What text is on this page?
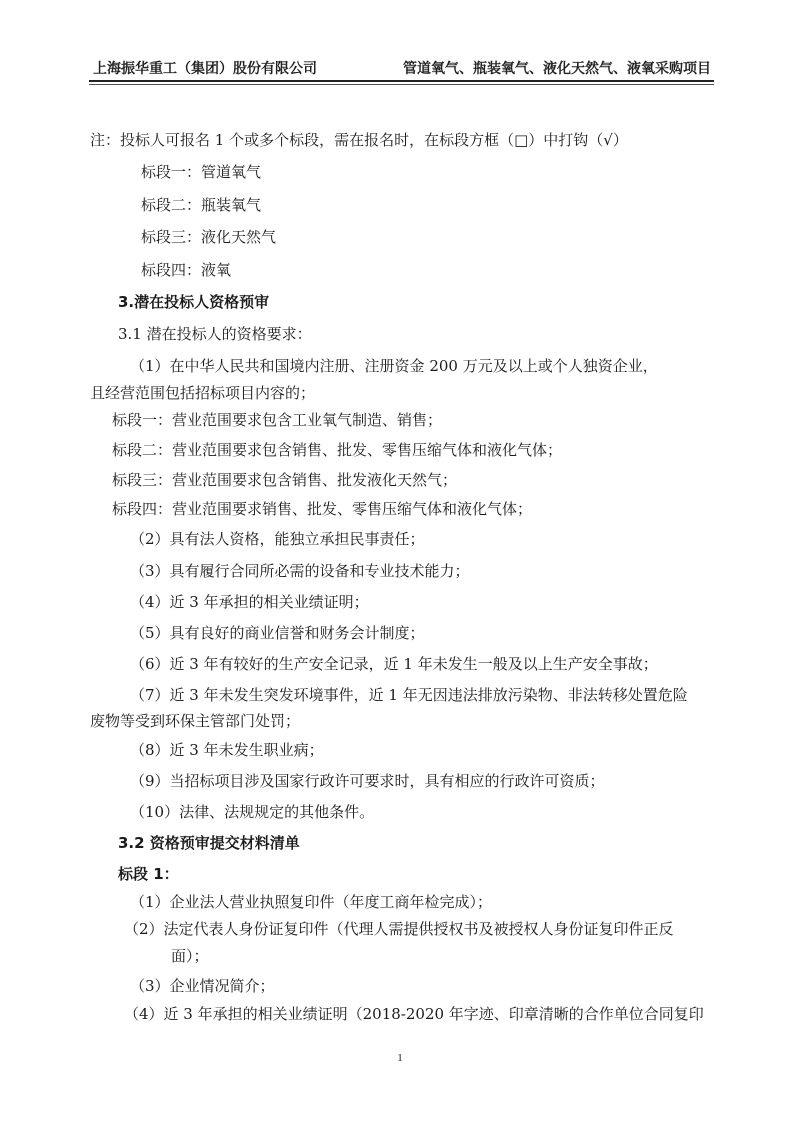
上海振华重工（集团）股份有限公司	管道氧气、瓶装氧气、液化天然气、液氧采购项目
注：投标人可报名 1 个或多个标段，需在报名时，在标段方框（□）中打钩（√）
标段一：管道氧气
标段二：瓶装氧气
标段三：液化天然气
标段四：液氧
3.潜在投标人资格预审
3.1 潜在投标人的资格要求：
（1）在中华人民共和国境内注册、注册资金 200 万元及以上或个人独资企业，
且经营范围包括招标项目内容的；
标段一：营业范围要求包含工业氧气制造、销售；
标段二：营业范围要求包含销售、批发、零售压缩气体和液化气体；
标段三：营业范围要求包含销售、批发液化天然气；
标段四：营业范围要求销售、批发、零售压缩气体和液化气体；
（2）具有法人资格，能独立承担民事责任；
（3）具有履行合同所必需的设备和专业技术能力；
（4）近 3 年承担的相关业绩证明；
（5）具有良好的商业信誉和财务会计制度；
（6）近 3 年有较好的生产安全记录，近 1 年未发生一般及以上生产安全事故；
（7）近 3 年未发生突发环境事件，近 1 年无因违法排放污染物、非法转移处置危险
废物等受到环保主管部门处罚；
（8）近 3 年未发生职业病；
（9）当招标项目涉及国家行政许可要求时，具有相应的行政许可资质；
（10）法律、法规规定的其他条件。
3.2 资格预审提交材料清单
标段 1：
（1）企业法人营业执照复印件（年度工商年检完成）；
（2）法定代表人身份证复印件（代理人需提供授权书及被授权人身份证复印件正反
面）；
（3）企业情况简介；
（4）近 3 年承担的相关业绩证明（2018-2020 年字迹、印章清晰的合作单位合同复印
1
